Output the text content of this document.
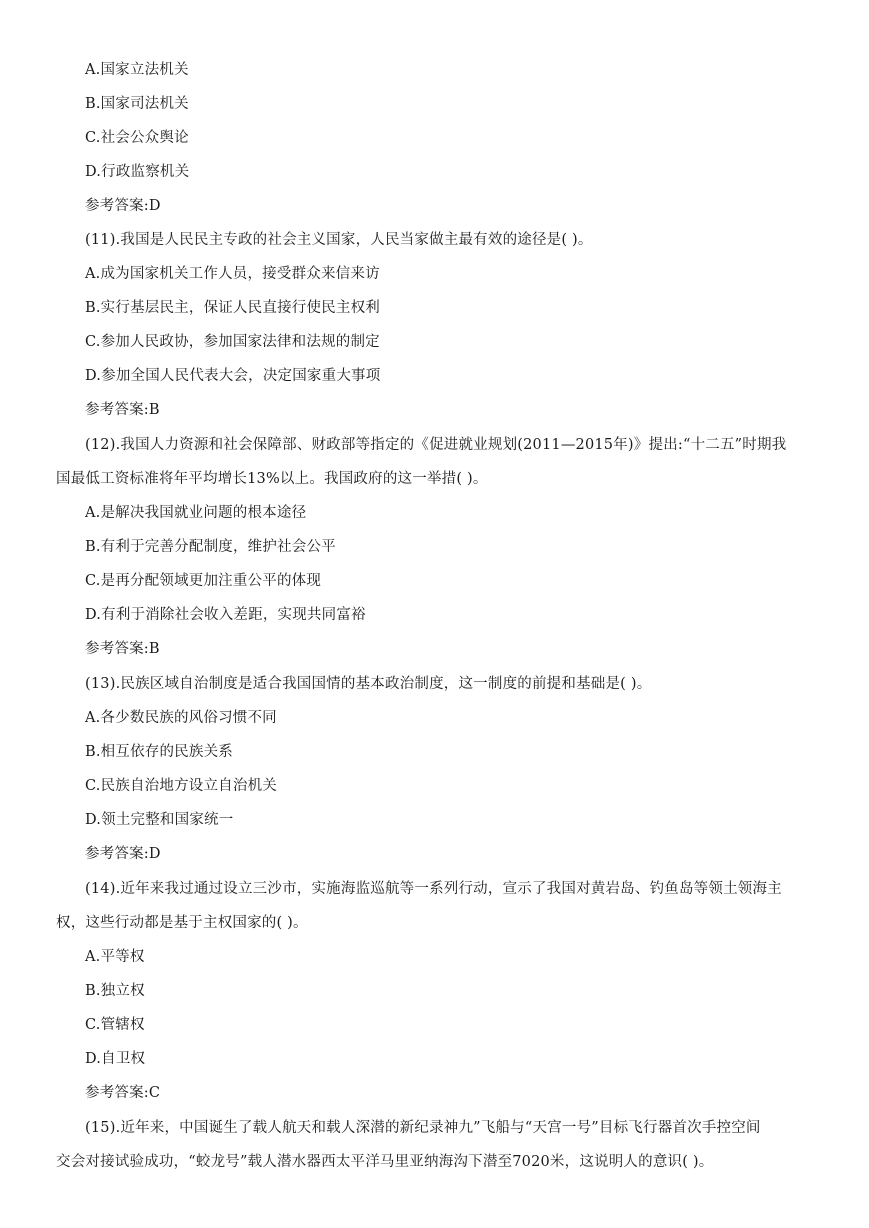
A.国家立法机关
B.国家司法机关
C.社会公众舆论
D.行政监察机关
参考答案:D
(11).我国是人民民主专政的社会主义国家，人民当家做主最有效的途径是( )。
A.成为国家机关工作人员，接受群众来信来访
B.实行基层民主，保证人民直接行使民主权利
C.参加人民政协，参加国家法律和法规的制定
D.参加全国人民代表大会，决定国家重大事项
参考答案:B
(12).我国人力资源和社会保障部、财政部等指定的《促进就业规划(2011—2015年)》提出:“十二五”时期我
国最低工资标准将年平均增长13%以上。我国政府的这一举措( )。
A.是解决我国就业问题的根本途径
B.有利于完善分配制度，维护社会公平
C.是再分配领域更加注重公平的体现
D.有利于消除社会收入差距，实现共同富裕
参考答案:B
(13).民族区域自治制度是适合我国国情的基本政治制度，这一制度的前提和基础是( )。
A.各少数民族的风俗习惯不同
B.相互依存的民族关系
C.民族自治地方设立自治机关
D.领土完整和国家统一
参考答案:D
(14).近年来我过通过设立三沙市，实施海监巡航等一系列行动，宣示了我国对黄岩岛、钓鱼岛等领土领海主
权，这些行动都是基于主权国家的( )。
A.平等权
B.独立权
C.管辖权
D.自卫权
参考答案:C
(15).近年来，中国诞生了载人航天和载人深潜的新纪录神九”飞船与“天宫一号”目标飞行器首次手控空间
交会对接试验成功，“蛟龙号”载人潜水器西太平洋马里亚纳海沟下潜至7020米，这说明人的意识( )。
